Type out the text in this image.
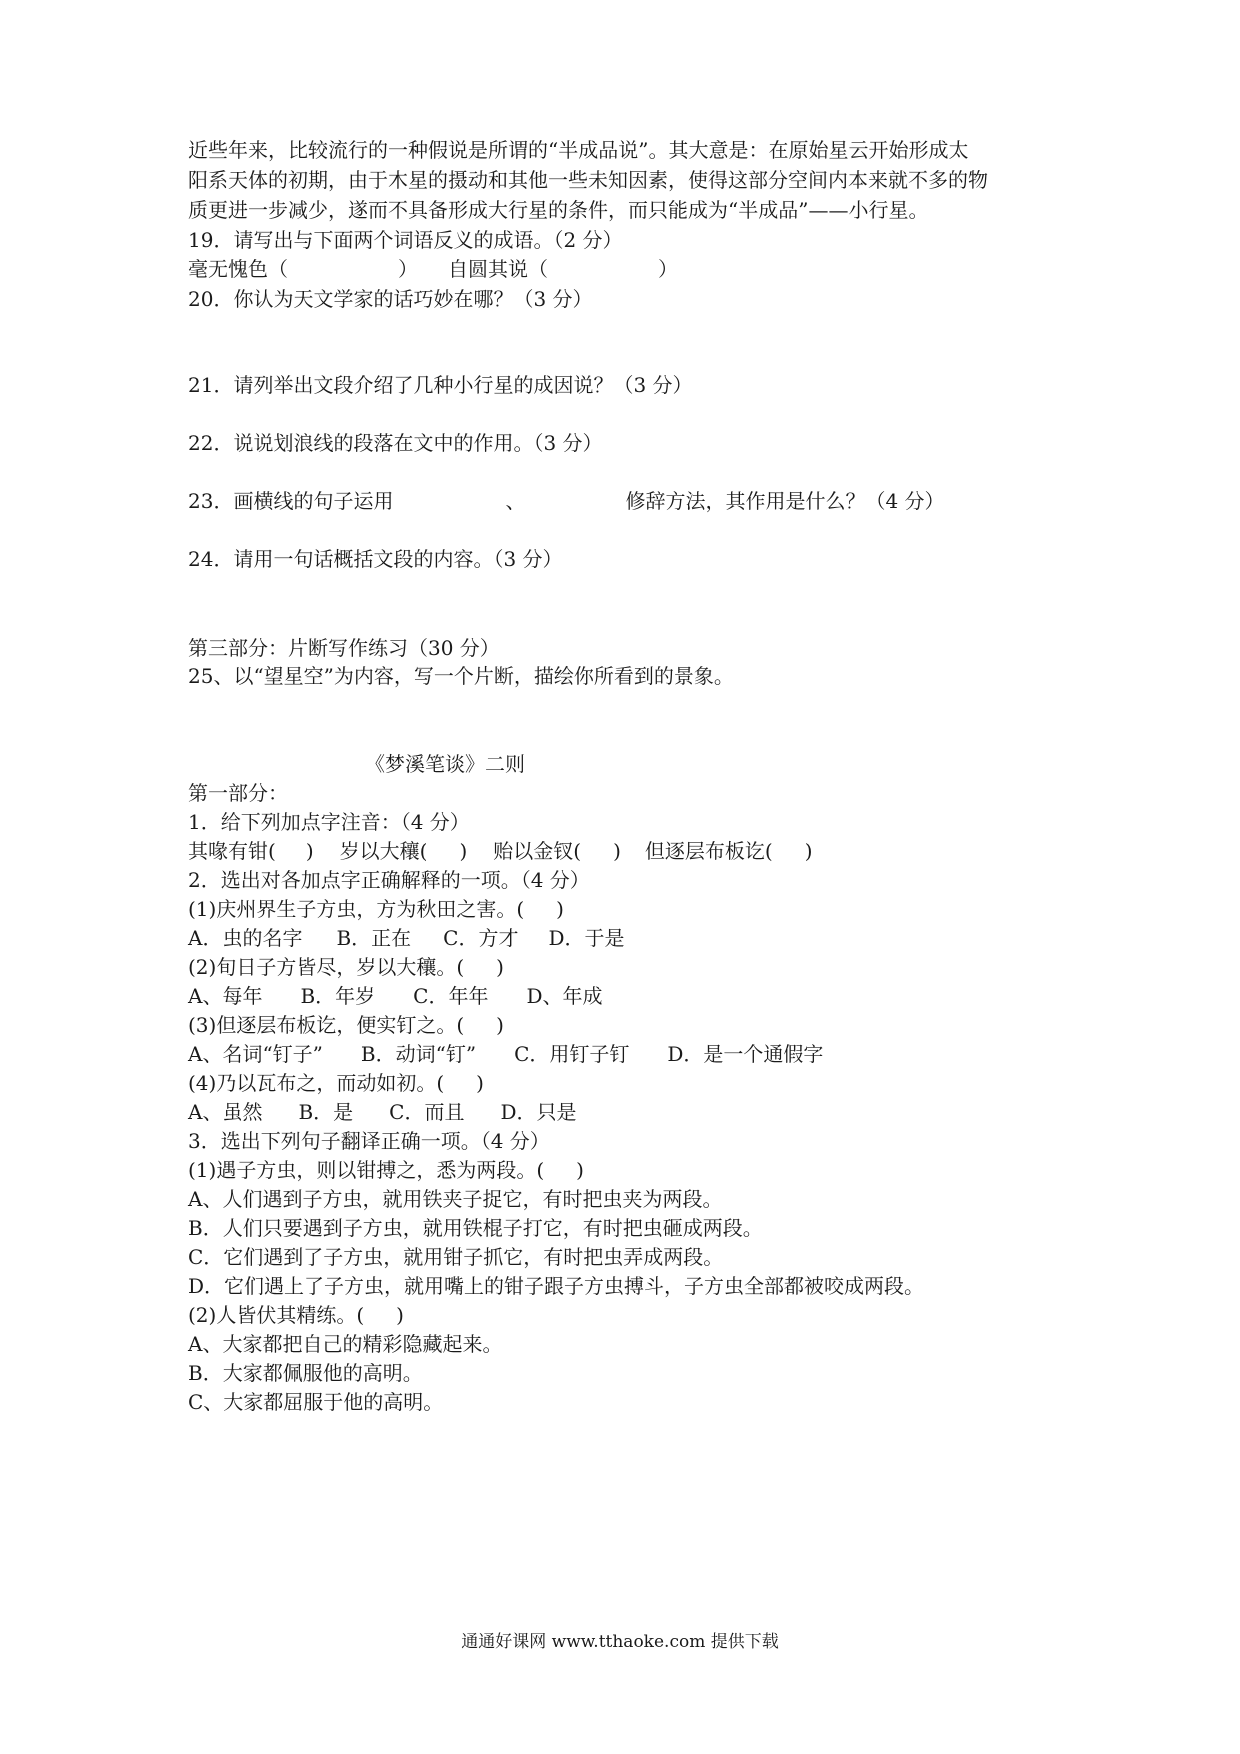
近些年来，比较流行的一种假说是所谓的“半成品说”。其大意是：在原始星云开始形成太
阳系天体的初期，由于木星的摄动和其他一些未知因素，使得这部分空间内本来就不多的物
质更进一步减少，遂而不具备形成大行星的条件，而只能成为“半成品”——小行星。
19．请写出与下面两个词语反义的成语。（2 分）
毫无愧色（	） 自圆其说（	）
20．你认为天文学家的话巧妙在哪？（3 分）
21．请列举出文段介绍了几种小行星的成因说？（3 分）
22．说说划浪线的段落在文中的作用。（3 分）
23．画横线的句子运用	、	修辞方法，其作用是什么？（4 分）
24．请用一句话概括文段的内容。（3 分）
第三部分：片断写作练习（30 分）
25、以“望星空”为内容，写一个片断，描绘你所看到的景象。
《梦溪笔谈》二则
第一部分：
1．给下列加点字注音：（4 分）
其喙有钳( ) 岁以大穰( ) 贻以金钗( ) 但逐层布板讫( )
2．选出对各加点字正确解释的一项。（4 分）
(1)庆州界生子方虫，方为秋田之害。( )
A．虫的名字 B．正在 C．方才 D．于是
(2)旬日子方皆尽，岁以大穰。( )
A、每年 B．年岁 C．年年 D、年成
(3)但逐层布板讫，便实钉之。( )
A、名词“钉子” B．动词“钉” C．用钉子钉 D．是一个通假字
(4)乃以瓦布之，而动如初。( )
A、虽然 B．是 C．而且 D．只是
3．选出下列句子翻译正确一项。（4 分）
(1)遇子方虫，则以钳搏之，悉为两段。( )
A、人们遇到子方虫，就用铁夹子捉它，有时把虫夹为两段。
B．人们只要遇到子方虫，就用铁棍子打它，有时把虫砸成两段。
C．它们遇到了子方虫，就用钳子抓它，有时把虫弄成两段。
D．它们遇上了子方虫，就用嘴上的钳子跟子方虫搏斗，子方虫全部都被咬成两段。
(2)人皆伏其精练。( )
A、大家都把自己的精彩隐藏起来。
B．大家都佩服他的高明。
C、大家都屈服于他的高明。
通通好课网 www.tthaoke.com 提供下载
